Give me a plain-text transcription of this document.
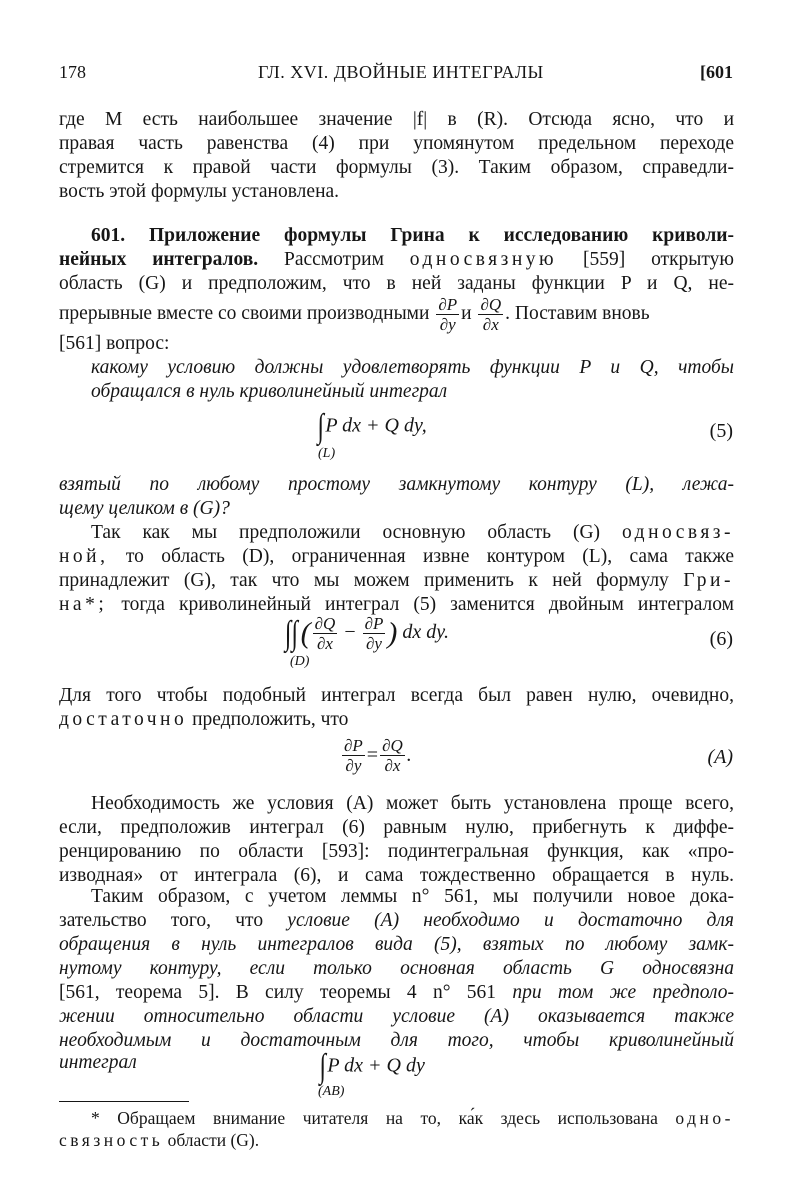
178	ГЛ. XVI. ДВОЙНЫЕ ИНТЕГРАЛЫ	[601
где M есть наибольшее значение |f| в (R). Отсюда ясно, что и
правая часть равенства (4) при упомянутом предельном переходе
стремится к правой части формулы (3). Таким образом, справедли-
вость этой формулы установлена.
601. Приложение формулы Грина к исследованию криволи-
нейных интегралов. Рассмотрим односвязную [559] открытую
область (G) и предположим, что в ней заданы функции P и Q, не-
прерывные вместе со своими производными $\frac{\partial P}{\partial y}$ и $\frac{\partial Q}{\partial x}$ . Поставим вновь
[561] вопрос:
какому условию должны удовлетворять функции P и Q, чтобы
обращался в нуль криволинейный интеграл
∫P dx + Q dy,
(L)
(5)
взятый по любому простому замкнутому контуру (L), лежа-
щему целиком в (G)?
Так как мы предположили основную область (G) односвяз-
ной, то область (D), ограниченная извне контуром (L), сама также
принадлежит (G), так что мы можем применить к ней формулу Гри-
на*; тогда криволинейный интеграл (5) заменится двойным интегралом
∫∫( $\frac{\partial Q}{\partial x} - \frac{\partial P}{\partial y}$ ) dx dy.
(D)
(6)
Для того чтобы подобный интеграл всегда был равен нулю, очевидно,
достаточно предположить, что
$\frac{\partial P}{\partial y} = \frac{\partial Q}{\partial x}$ .	(A)
Необходимость же условия (A) может быть установлена проще всего,
если, предположив интеграл (6) равным нулю, прибегнуть к диффе-
ренцированию по области [593]: подинтегральная функция, как «про-
изводная» от интеграла (6), и сама тождественно обращается в нуль.
Таким образом, с учетом леммы n° 561, мы получили новое дока-
зательство того, что условие (A) необходимо и достаточно для
обращения в нуль интегралов вида (5), взятых по любому замк-
нутому контуру, если только основная область G односвязна
[561, теорема 5]. В силу теоремы 4 n° 561 при том же предполо-
жении относительно области условие (A) оказывается также
необходимым и достаточным для того, чтобы криволинейный
интеграл	∫P dx + Q dy
(AB)
* Обращаем внимание читателя на то, ка́к здесь использована одно-
связность области (G).
